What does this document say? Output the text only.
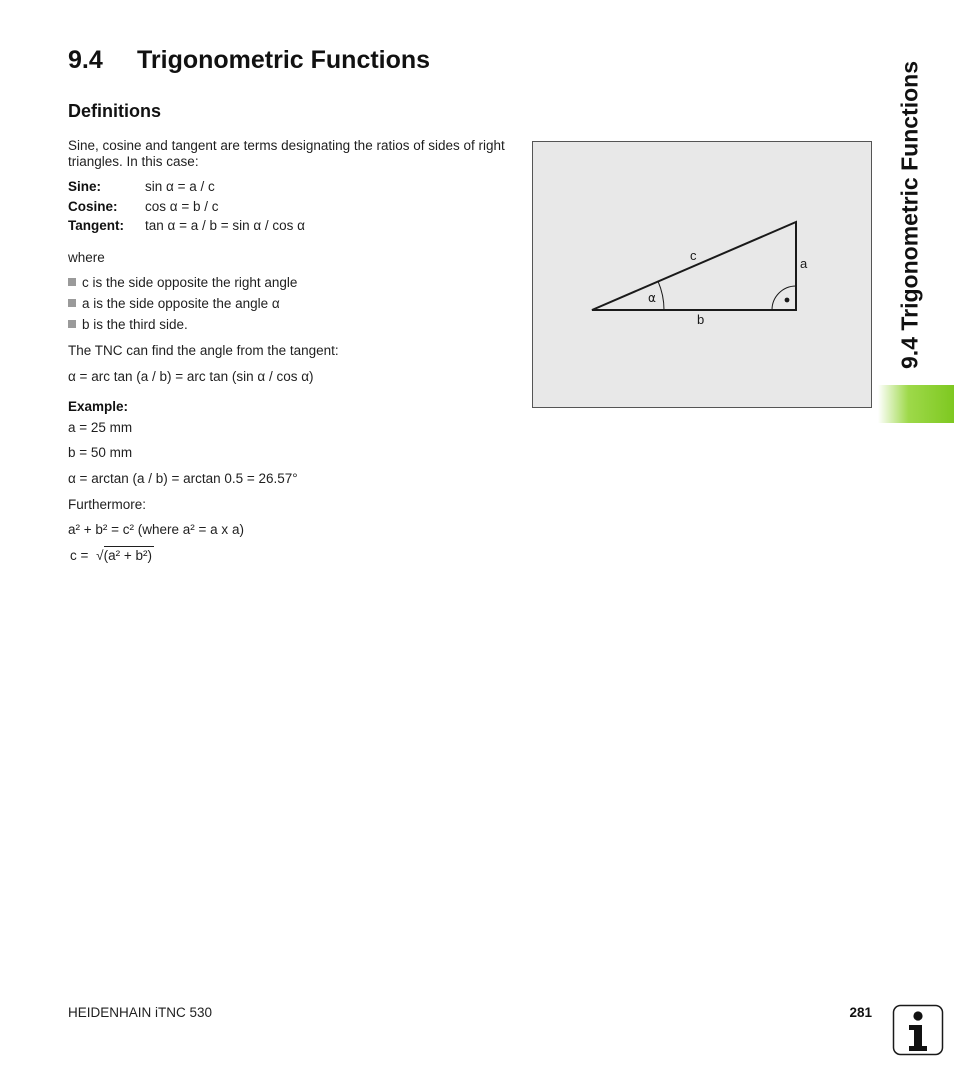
9.4 Trigonometric Functions
Definitions
Sine, cosine and tangent are terms designating the ratios of sides of right triangles. In this case:
Sine:	sin α = a / c
Cosine: cos α = b / c
Tangent: tan α = a / b = sin α / cos α
where
c is the side opposite the right angle
a is the side opposite the angle α
b is the third side.
The TNC can find the angle from the tangent:
α = arc tan (a / b) = arc tan (sin α / cos α)
Example:
a = 25 mm
b = 50 mm
α = arctan (a / b) = arctan 0.5 = 26.57°
Furthermore:
a² + b² = c² (where a² = a x a)
c = √(a² + b²)
c
a
b
α	9.4 Trigonometric Functions
HEIDENHAIN iTNC 530	281
